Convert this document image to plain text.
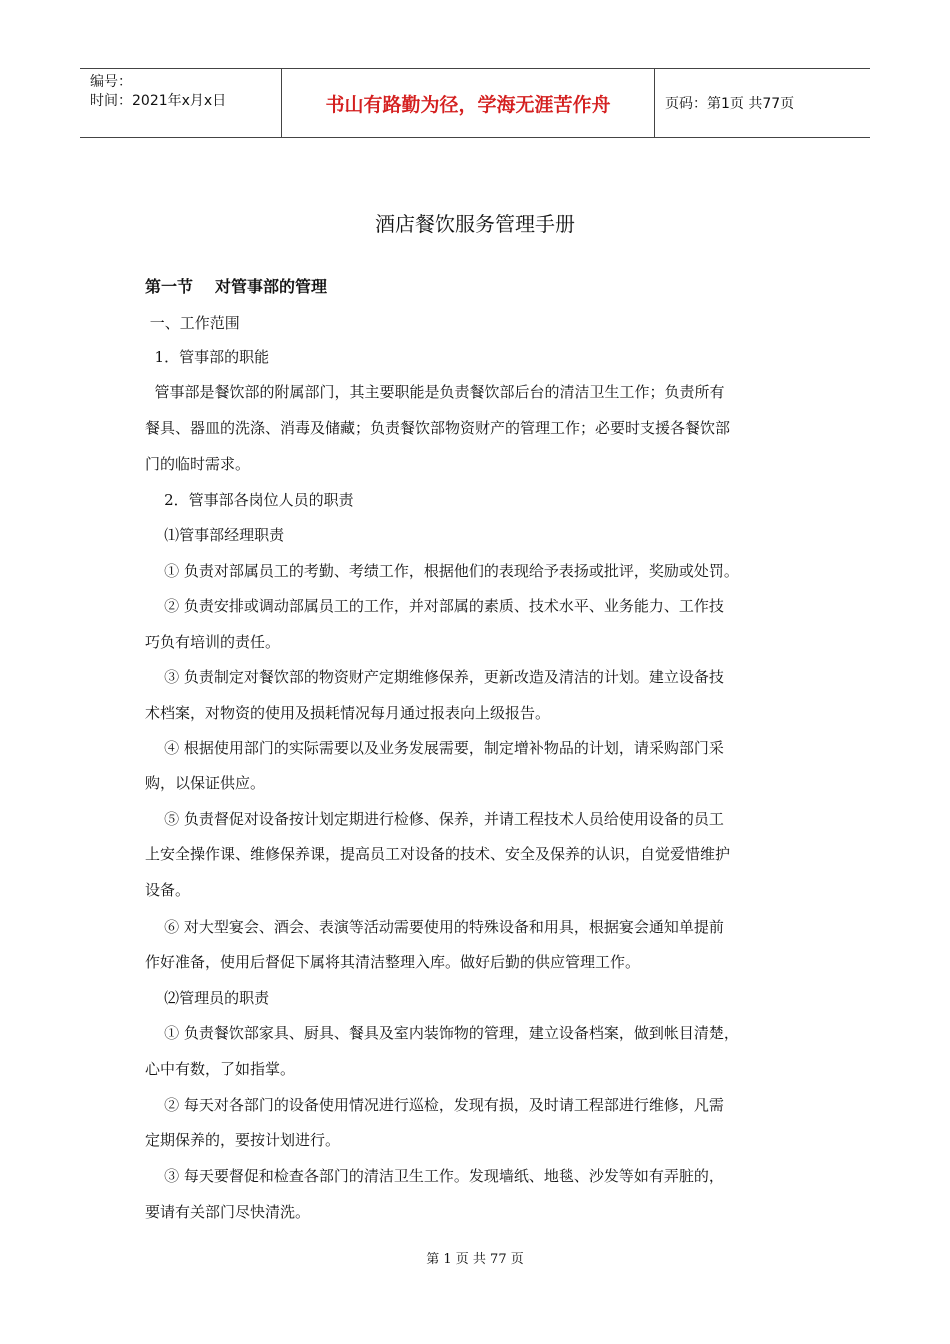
编号：
时间：2021年x月x日	书山有路勤为径，学海无涯苦作舟	页码：第1页 共77页
酒店餐饮服务管理手册
第一节 对管事部的管理
一、工作范围
1．管事部的职能
管事部是餐饮部的附属部门，其主要职能是负责餐饮部后台的清洁卫生工作；负责所有
餐具、器皿的洗涤、消毒及储藏；负责餐饮部物资财产的管理工作；必要时支援各餐饮部
门的临时需求。
2．管事部各岗位人员的职责
⑴管事部经理职责
① 负责对部属员工的考勤、考绩工作，根据他们的表现给予表扬或批评，奖励或处罚。
② 负责安排或调动部属员工的工作，并对部属的素质、技术水平、业务能力、工作技
巧负有培训的责任。
③ 负责制定对餐饮部的物资财产定期维修保养，更新改造及清洁的计划。建立设备技
术档案，对物资的使用及损耗情况每月通过报表向上级报告。
④ 根据使用部门的实际需要以及业务发展需要，制定增补物品的计划，请采购部门采
购，以保证供应。
⑤ 负责督促对设备按计划定期进行检修、保养，并请工程技术人员给使用设备的员工
上安全操作课、维修保养课，提高员工对设备的技术、安全及保养的认识，自觉爱惜维护
设备。
⑥ 对大型宴会、酒会、表演等活动需要使用的特殊设备和用具，根据宴会通知单提前
作好准备，使用后督促下属将其清洁整理入库。做好后勤的供应管理工作。
⑵管理员的职责
① 负责餐饮部家具、厨具、餐具及室内装饰物的管理，建立设备档案，做到帐目清楚，
心中有数，了如指掌。
② 每天对各部门的设备使用情况进行巡检，发现有损，及时请工程部进行维修，凡需
定期保养的，要按计划进行。
③ 每天要督促和检查各部门的清洁卫生工作。发现墙纸、地毯、沙发等如有弄脏的，
要请有关部门尽快清洗。
第 1 页 共 77 页
